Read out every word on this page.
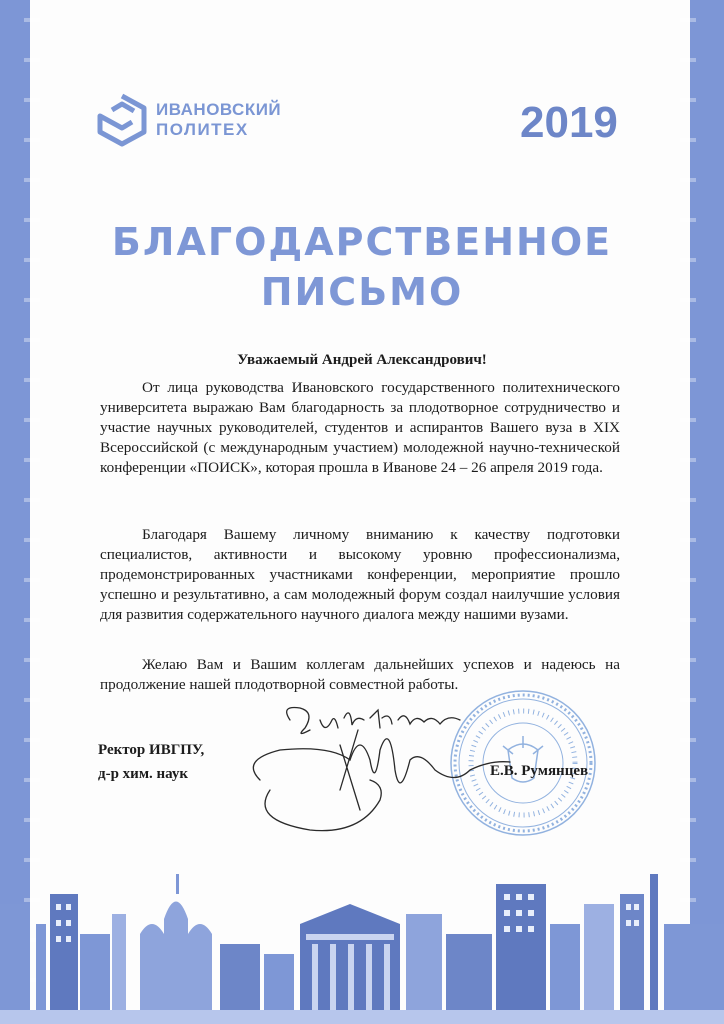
ИВАНОВСКИЙ
ПОЛИТЕХ	2019
БЛАГОДАРСТВЕННОЕ
ПИСЬМО
Уважаемый Андрей Александрович!
От лица руководства Ивановского государственного политехнического университета выражаю Вам благодарность за плодотворное сотрудничество и участие научных руководителей, студентов и аспирантов Вашего вуза в XIX Всероссийской (с международным участием) молодежной научно-технической конференции «ПОИСК», которая прошла в Иванове 24 – 26 апреля 2019 года.
Благодаря Вашему личному вниманию к качеству подготовки специалистов, активности и высокому уровню профессионализма, продемонстрированных участниками конференции, мероприятие прошло успешно и результативно, а сам молодежный форум создал наилучшие условия для развития содержательного научного диалога между нашими вузами.
Желаю Вам и Вашим коллегам дальнейших успехов и надеюсь на продолжение нашей плодотворной совместной работы.
Ректор ИВГПУ,
д-р хим. наук	Е.В. Румянцев
